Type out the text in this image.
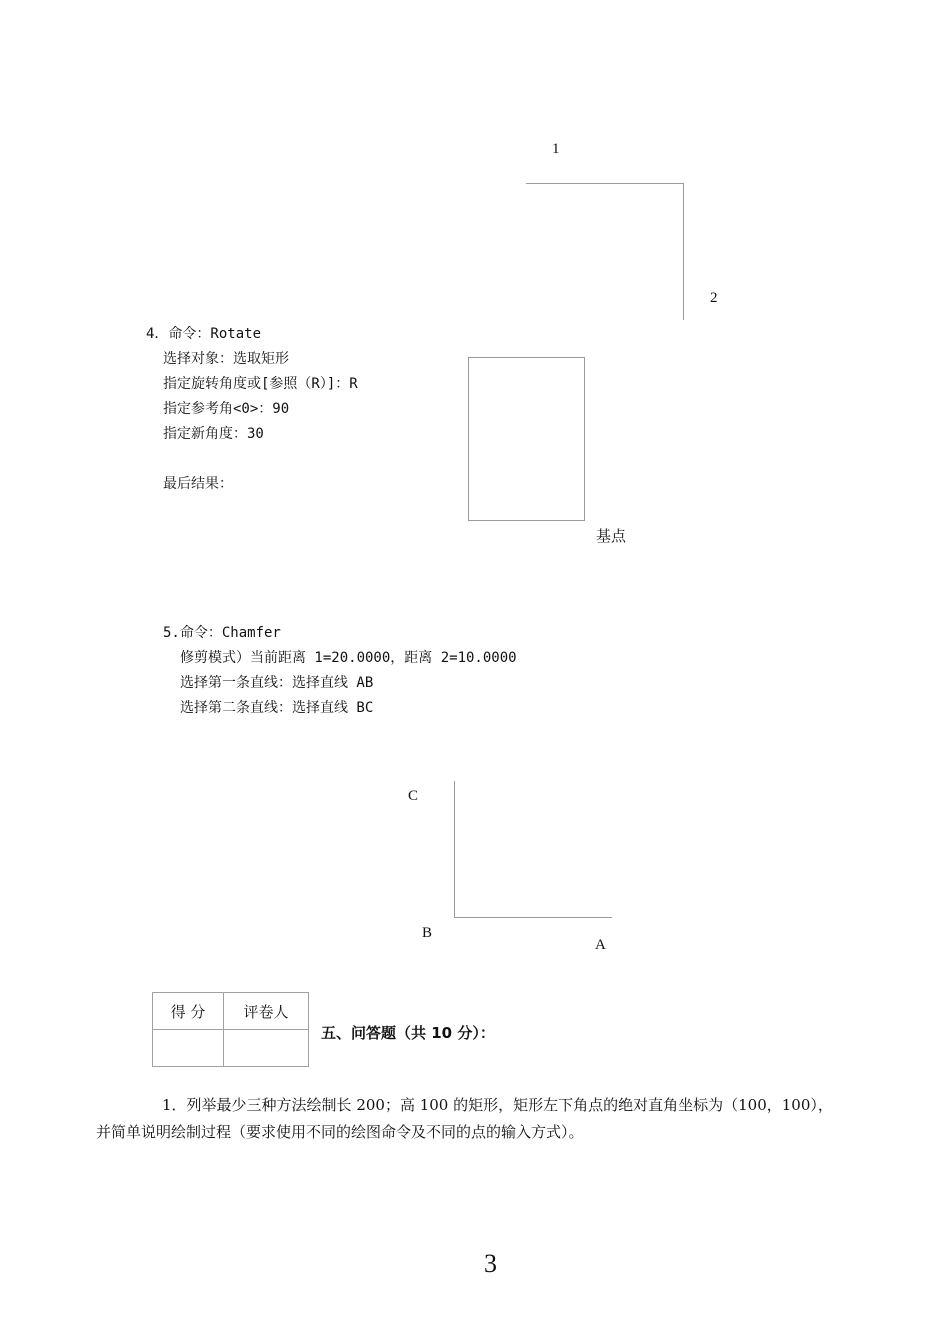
1
2
4．命令：Rotate
选择对象：选取矩形
指定旋转角度或[参照（R）]：R
指定参考角<0>：90
指定新角度：30
最后结果：
基点
5.命令：Chamfer
修剪模式）当前距离 1=20.0000，距离 2=10.0000
选择第一条直线：选择直线 AB
选择第二条直线：选择直线 BC
C
B
A
得 分	评卷人

五、问答题（共 10 分）：
1．列举最少三种方法绘制长 200；高 100 的矩形，矩形左下角点的绝对直角坐标为（100，100），
并简单说明绘制过程（要求使用不同的绘图命令及不同的点的输入方式）。
3
